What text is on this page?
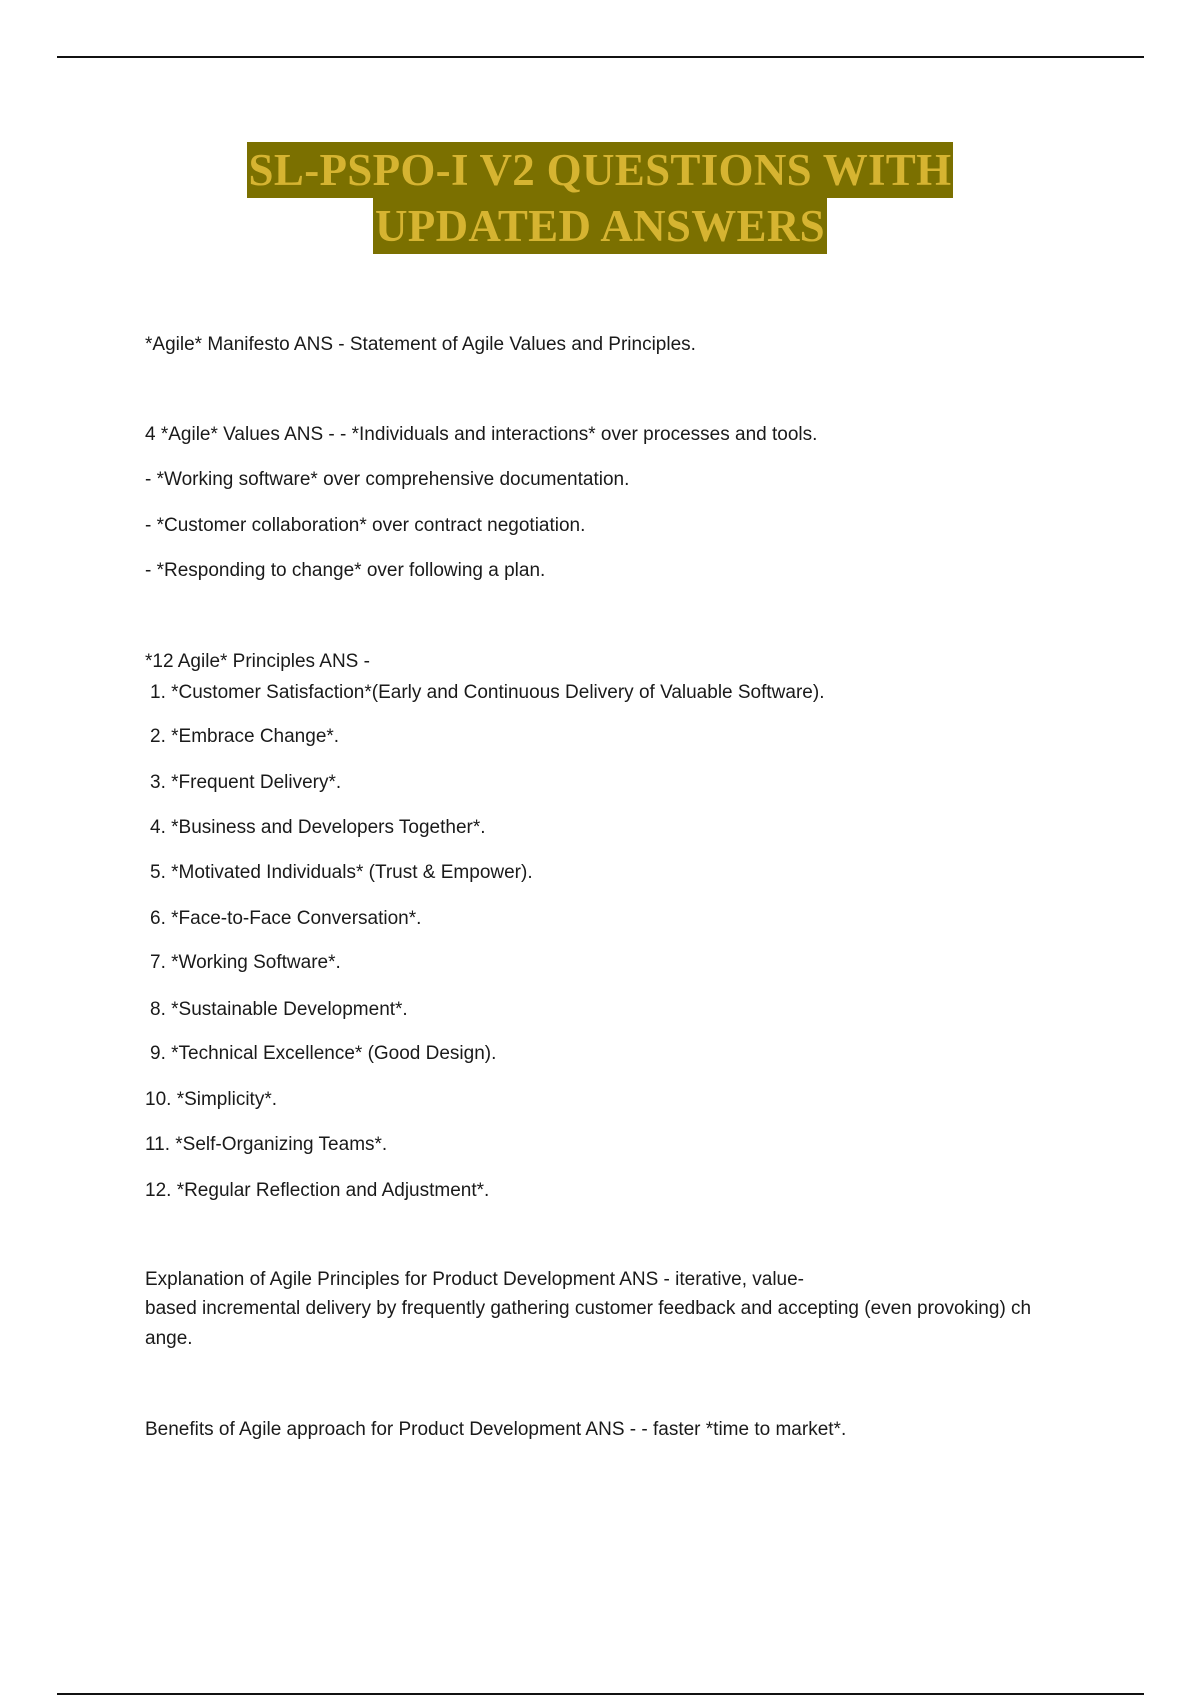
SL-PSPO-I V2 QUESTIONS WITH
UPDATED ANSWERS
*Agile* Manifesto ANS - Statement of Agile Values and Principles.
4 *Agile* Values ANS - - *Individuals and interactions* over processes and tools.
- *Working software* over comprehensive documentation.
- *Customer collaboration* over contract negotiation.
- *Responding to change* over following a plan.
*12 Agile* Principles ANS -
1. *Customer Satisfaction*(Early and Continuous Delivery of Valuable Software).
2. *Embrace Change*.
3. *Frequent Delivery*.
4. *Business and Developers Together*.
5. *Motivated Individuals* (Trust & Empower).
6. *Face-to-Face Conversation*.
7. *Working Software*.
8. *Sustainable Development*.
9. *Technical Excellence* (Good Design).
10. *Simplicity*.
11. *Self-Organizing Teams*.
12. *Regular Reflection and Adjustment*.
Explanation of Agile Principles for Product Development ANS - iterative, value-
based incremental delivery by frequently gathering customer feedback and accepting (even provoking) ch
ange.
Benefits of Agile approach for Product Development ANS - - faster *time to market*.
